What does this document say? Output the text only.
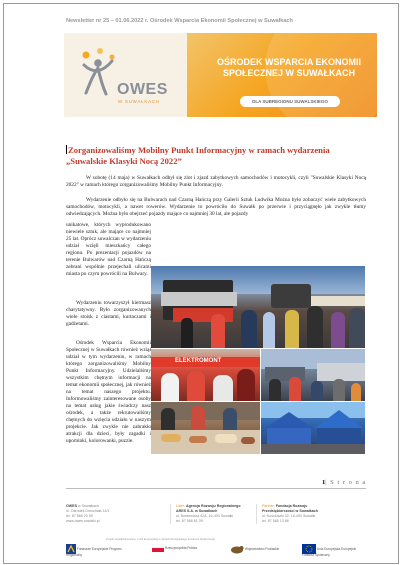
Newsletter nr 25 – 01.06.2022 r. Ośrodek Wsparcia Ekonomii Społecznej w Suwałkach
OWES
W SUWAŁKACH
OŚRODEK WSPARCIA EKONOMII SPOŁECZNEJ W SUWAŁKACH
DLA SUBREGIONU SUWALSKIEGO
Zorganizowaliśmy Mobilny Punkt Informacyjny w ramach wydarzenia „Suwalskie Klasyki Nocą 2022”
W sobotę (14 maja) w Suwałkach odbył się zlot i zjazd zabytkowych samochodów i motocykli, czyli "Suwalskie Klasyki Nocą 2022" w ramach którego zorganizowaliśmy Mobilny Punkt Informacyjny.
Wydarzenie odbyło się na Bulwarach nad Czarną Hańczą przy Galerii Sztuk Ludwika Można było zobaczyć wiele zabytkowych samochodów, motocykli, a nawet rowerów. Wydarzenie to powróciło do Suwałk po przerwie i przyciągnęło jak zwykle tłumy odwiedzających. Można było obejrzeć pojazdy mające co najmniej 30 lat, ale pojazdy
unikatowe, których wyprodukowano niewiele sztuk, ale mające co najmniej 25 lat. Oprócz suwalczan w wydarzeniu udział wzięli mieszkańcy całego regionu. Po prezentacji pojazdów na terenie Bulwarów nad Czarną Hańczą zebrani wspólnie przejechali ulicami miasta po czym powrócili na Bulwary.
Wydarzeniu towarzyszył kiermasz charytatywny. Było zorganizowanych wiele stoisk z ciastami, kurtaczami i gadżetami.
Ośrodek Wsparcia Ekonomii Społecznej w Suwałkach również wziął udział w tym wydarzeniu, w ramach którego zorganizowaliśmy Mobilny Punkt Informacyjny. Udzielaliśmy wszystkim chętnym informacji na temat ekonomii społecznej, jak również na temat naszego projektu. Informowaliśmy zainteresowane osoby na temat usług jakie świadczy nasz ośrodek, a także rekrutowaliśmy chętnych do wzięcia udziału w naszym projekcie. Jak zwykle nie zabrakło atrakcji dla dzieci, były zagadki i upominki, kolorowanki, puzzle.
ELEKTROMONT
1| S t r o n a
OWES w Suwałkach
ul. Ośrodek Dmochała 14/1
tel. 87 566 20 59
www.owes.suwalki.pl
Lider: Agencja Rozwoju Regionalnego
ARES S.A. w Suwałkach
ul. Noniewicza 42A, 16-400 Suwałki
tel. 87 566 61 09
Partner: Fundacja Rozwoju
Przedsiębiorczości w Suwałkach
ul. Kościuszki 32, 16-400 Suwałki
tel. 87 565 13 86
Projekt współfinansowany z Unii Europejskiej w ramach Europejskiego Funduszu Społecznego
Fundusze Europejskie Program Regionalny
Rzeczpospolita Polska	Województwo Podlaskie	Unia Europejska Europejski Fundusz Społeczny
